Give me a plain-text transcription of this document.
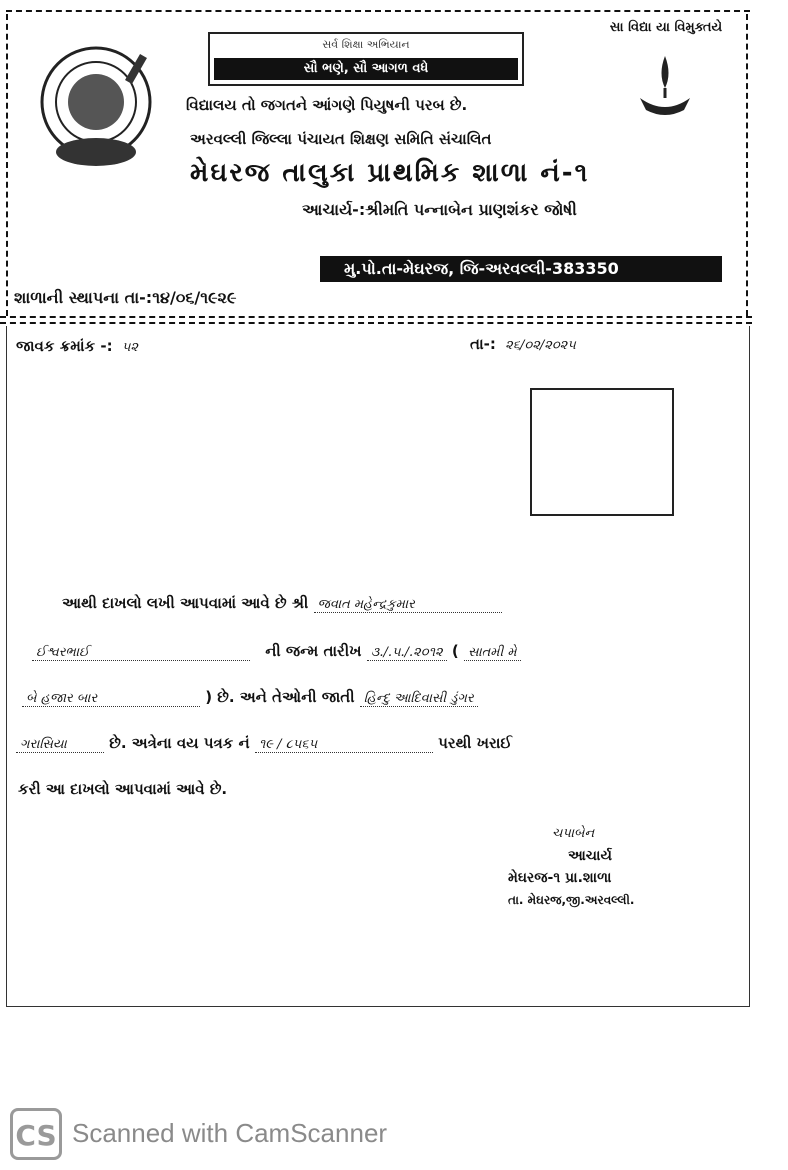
સર્વ શિક્ષા અભિયાન
સૌ ભણે, સૌ આગળ વધે
સા વિદ્યા યા વિમુક્તયે
વિદ્યાલય તો જગતને આંગણે પિયુષની પરબ છે.
અરવલ્લી જિલ્લા પંચાયત શિક્ષણ સમિતિ સંચાલિત
મેઘરજ તાલુકા પ્રાથમિક શાળા નં-૧
આચાર્ય-:શ્રીમતિ પન્નાબેન પ્રાણશંકર જોષી
મુ.પો.તા-મેઘરજ, જિ-અરવલ્લી-383350
શાળાની સ્થાપના તા-:૧૪/૦૬/૧૯૨૯
જાવક ક્રમાંક -: ૫૨	તા-: ૨૬/૦૨/૨૦૨૫
આથી દાખલો લખી આપવામાં આવે છે શ્રી જવાત મહેન્દ્રકુમાર
ઈશ્વરભાઈ	ની જન્મ તારીખ ૩./.૫./.૨૦૧૨ ( સાતમી મે
બે હજાર બાર	) છે. અને તેઓની જાતી હિન્દુ આદિવાસી ડુંગર
ગરાસિયા	છે. અત્રેના વય પત્રક નં ૧૯ / ૮૫૬૫	પરથી ખરાઈ
કરી આ દાખલો આપવામાં આવે છે.
ચપાબેન
આચાર્ય
મેઘરજ-૧ પ્રા.શાળા
તા. મેઘરજ,જી.અરવલ્લી.
CS Scanned with CamScanner
